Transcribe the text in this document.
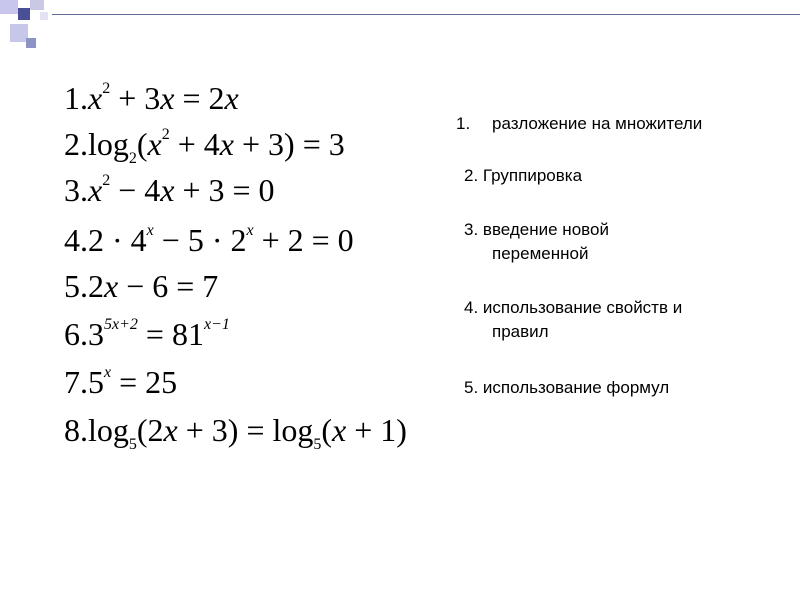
$1.x^2 + 3x = 2x$
$2.\log_2(x^2 + 4x + 3) = 3$
$3.x^2 - 4x + 3 = 0$
$4.2 \cdot 4^x - 5 \cdot 2^x + 2 = 0$
5.2x − 6 = 7
$6.3^{5x+2} = 81^{x-1}$
$7.5^x = 25$
$8.\log_5(2x + 3) = \log_5(x + 1)$
1. разложение на множители
2. Группировка
3. введение новой
переменной
4. использование свойств и
правил
5. использование формул
